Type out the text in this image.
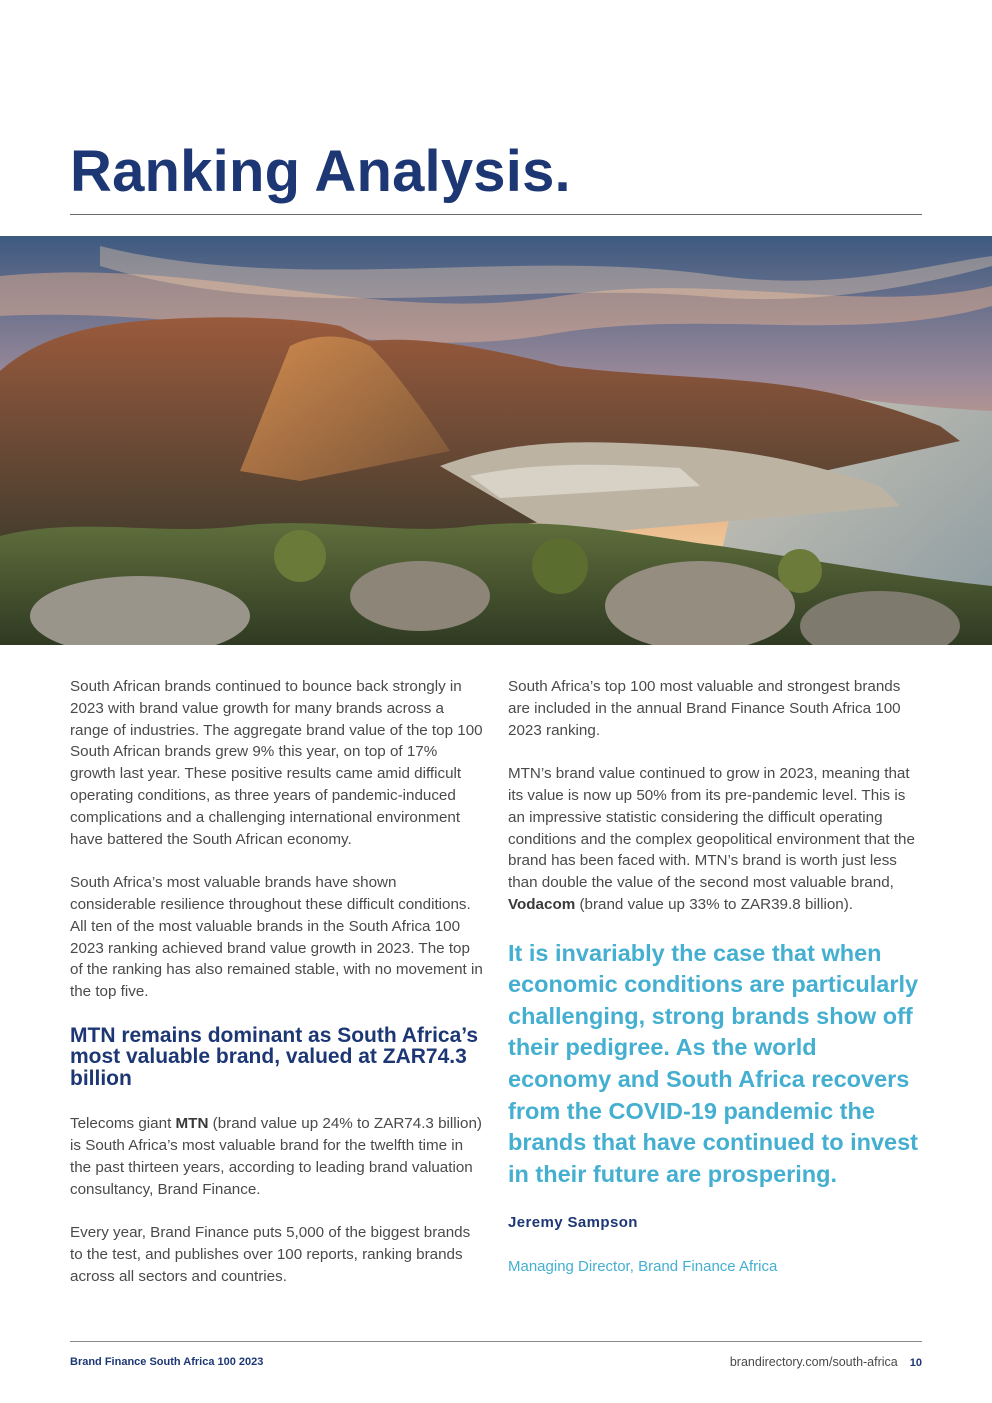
Ranking Analysis.

South African brands continued to bounce back strongly in 2023 with brand value growth for many brands across a range of industries. The aggregate brand value of the top 100 South African brands grew 9% this year, on top of 17% growth last year. These positive results came amid difficult operating conditions, as three years of pandemic-induced complications and a challenging international environment have battered the South African economy.

South Africa’s most valuable brands have shown considerable resilience throughout these difficult conditions. All ten of the most valuable brands in the South Africa 100 2023 ranking achieved brand value growth in 2023. The top of the ranking has also remained stable, with no movement in the top five.

MTN remains dominant as South Africa’s most valuable brand, valued at ZAR74.3 billion

Telecoms giant MTN (brand value up 24% to ZAR74.3 billion) is South Africa’s most valuable brand for the twelfth time in the past thirteen years, according to leading brand valuation consultancy, Brand Finance.

Every year, Brand Finance puts 5,000 of the biggest brands to the test, and publishes over 100 reports, ranking brands across all sectors and countries.

South Africa’s top 100 most valuable and strongest brands are included in the annual Brand Finance South Africa 100 2023 ranking.

MTN’s brand value continued to grow in 2023, meaning that its value is now up 50% from its pre-pandemic level. This is an impressive statistic considering the difficult operating conditions and the complex geopolitical environment that the brand has been faced with. MTN’s brand is worth just less than double the value of the second most valuable brand, Vodacom (brand value up 33% to ZAR39.8 billion).

It is invariably the case that when economic conditions are particularly challenging, strong brands show off their pedigree. As the world economy and South Africa recovers from the COVID-19 pandemic the brands that have continued to invest in their future are prospering.

Jeremy Sampson

Managing Director, Brand Finance Africa

Brand Finance South Africa 100 2023	brandirectory.com/south-africa 10
